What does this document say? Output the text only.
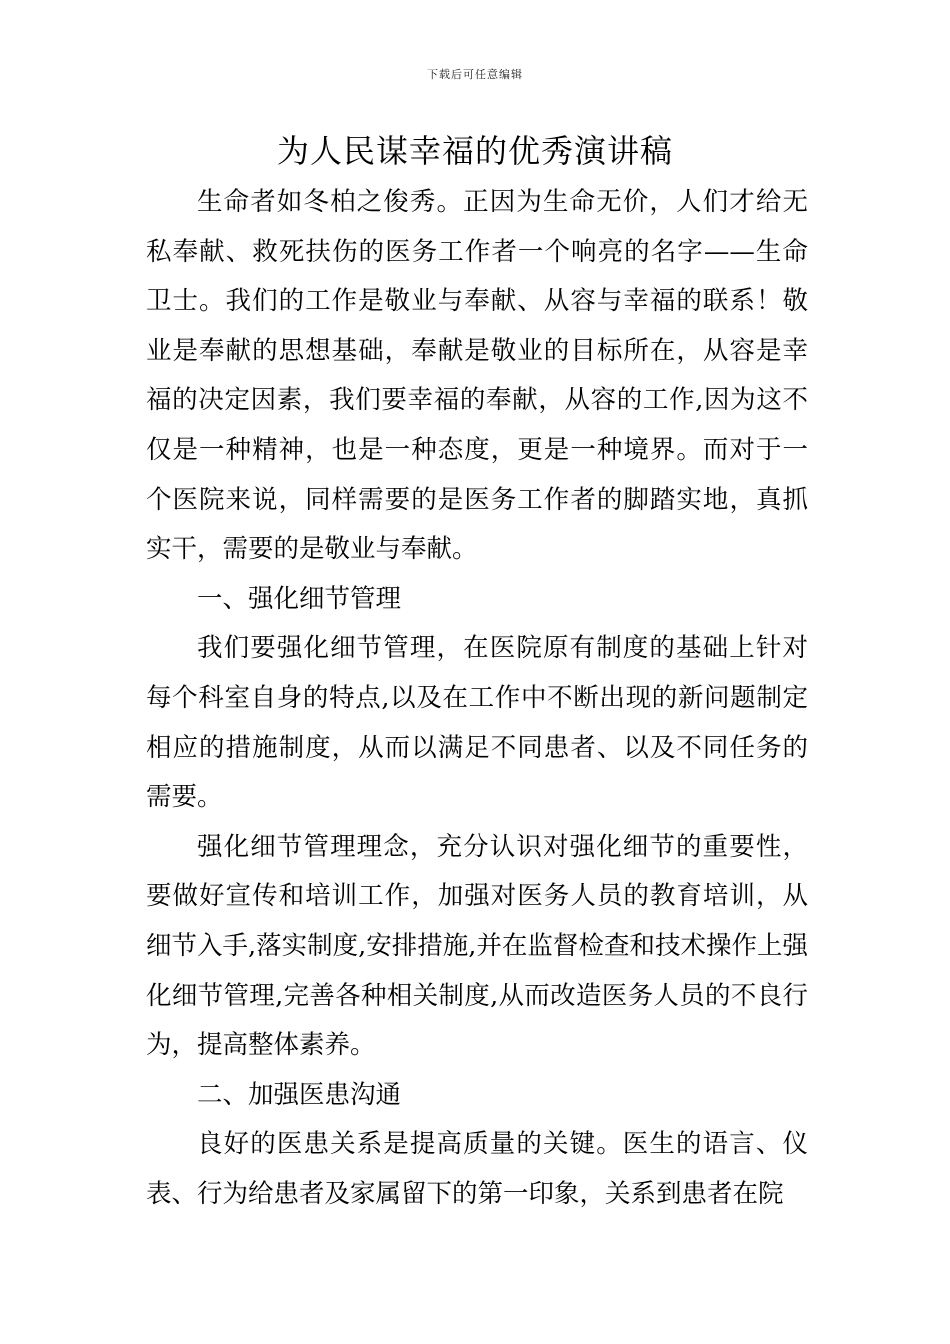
下载后可任意编辑
为人民谋幸福的优秀演讲稿

生命者如冬柏之俊秀。正因为生命无价，人们才给无私奉献、救死扶伤的医务工作者一个响亮的名字——生命卫士。我们的工作是敬业与奉献、从容与幸福的联系！敬业是奉献的思想基础，奉献是敬业的目标所在，从容是幸福的决定因素，我们要幸福的奉献，从容的工作,因为这不仅是一种精神，也是一种态度，更是一种境界。而对于一个医院来说，同样需要的是医务工作者的脚踏实地，真抓实干，需要的是敬业与奉献。

一、强化细节管理

我们要强化细节管理，在医院原有制度的基础上针对每个科室自身的特点,以及在工作中不断出现的新问题制定相应的措施制度，从而以满足不同患者、以及不同任务的需要。

强化细节管理理念，充分认识对强化细节的重要性，要做好宣传和培训工作，加强对医务人员的教育培训，从细节入手,落实制度,安排措施,并在监督检查和技术操作上强化细节管理,完善各种相关制度,从而改造医务人员的不良行为，提高整体素养。

二、加强医患沟通

良好的医患关系是提高质量的关键。医生的语言、仪表、行为给患者及家属留下的第一印象，关系到患者在院
